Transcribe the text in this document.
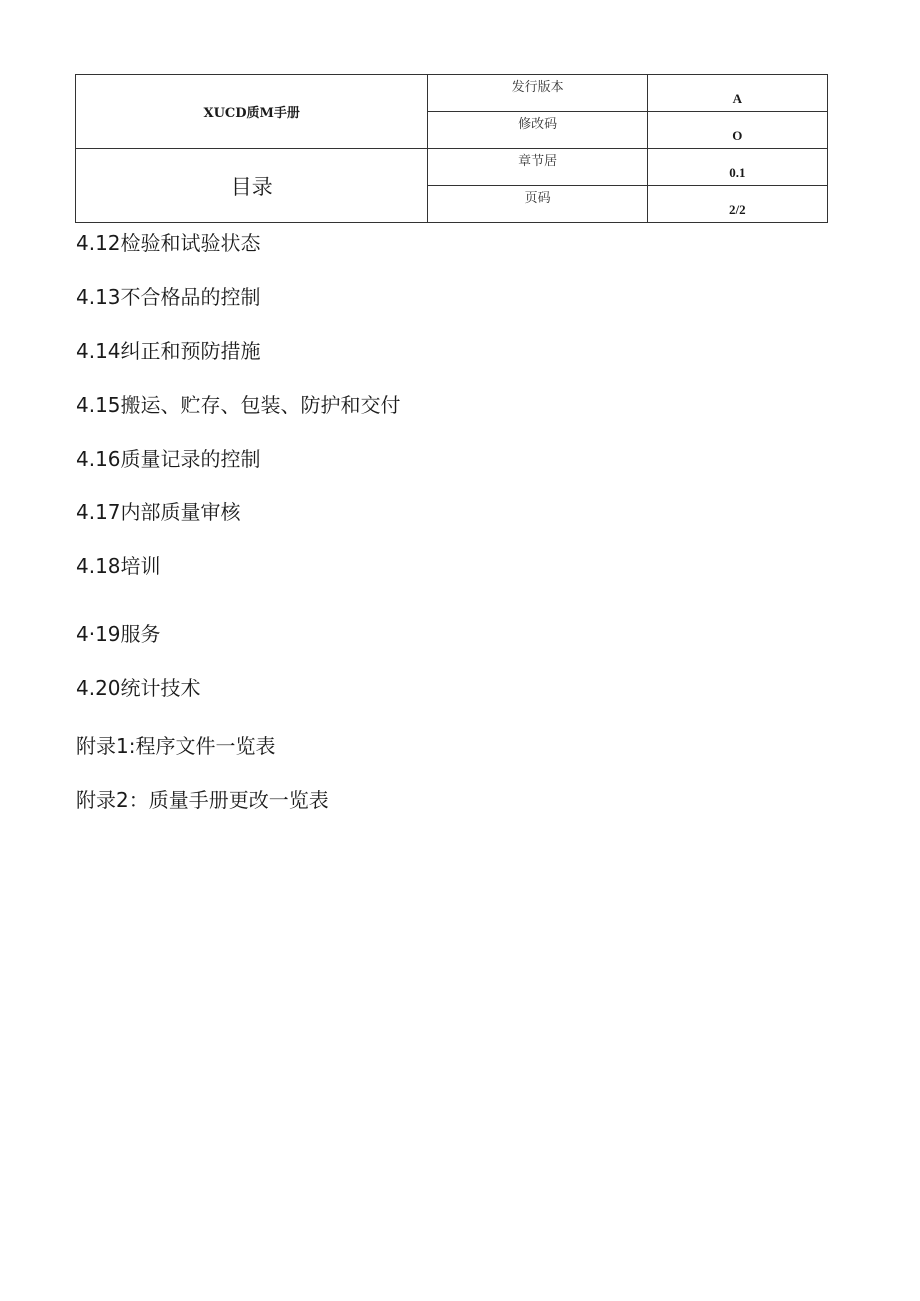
XUCD质M手册	$^{发行版本}$	$_A$
	$^{修改码}$	$_O$
目录	$^{章节居}$	$_{0.1}$
	$^{页码}$	$_{2/2}$
4.12检验和试验状态
4.13不合格品的控制
4.14纠正和预防措施
4.15搬运、贮存、包装、防护和交付
4.16质量记录的控制
4.17内部质量审核
4.18培训
4·19服务
4.20统计技术
附录1:程序文件一览表
附录2：质量手册更改一览表
